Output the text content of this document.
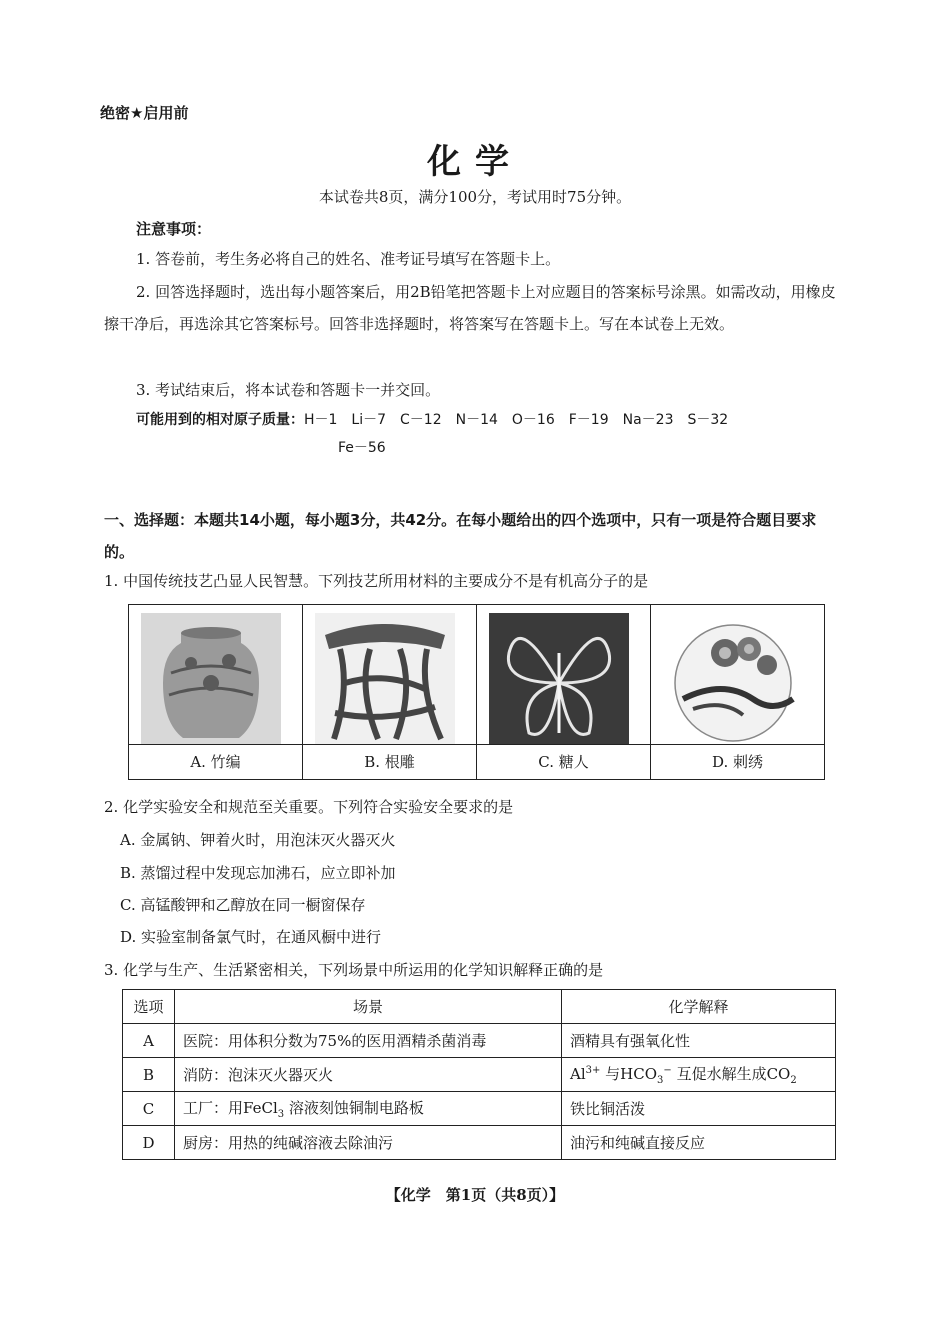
绝密★启用前
化学
本试卷共8页，满分100分，考试用时75分钟。
注意事项：
1. 答卷前，考生务必将自己的姓名、准考证号填写在答题卡上。
2. 回答选择题时，选出每小题答案后，用2B铅笔把答题卡上对应题目的答案标号涂黑。如需改动，用橡皮擦干净后，再选涂其它答案标号。回答非选择题时，将答案写在答题卡上。写在本试卷上无效。
3. 考试结束后，将本试卷和答题卡一并交回。
可能用到的相对原子质量：H－1　Li－7　C－12　N－14　O－16　F－19　Na－23　S－32
Fe－56
一、选择题：本题共14小题，每小题3分，共42分。在每小题给出的四个选项中，只有一项是符合题目要求的。
1. 中国传统技艺凸显人民智慧。下列技艺所用材料的主要成分不是有机高分子的是
A. 竹编	B. 根雕	C. 糖人	D. 刺绣
2. 化学实验安全和规范至关重要。下列符合实验安全要求的是
A. 金属钠、钾着火时，用泡沫灭火器灭火
B. 蒸馏过程中发现忘加沸石，应立即补加
C. 高锰酸钾和乙醇放在同一橱窗保存
D. 实验室制备氯气时，在通风橱中进行
3. 化学与生产、生活紧密相关，下列场景中所运用的化学知识解释正确的是
选项	场景	化学解释
A	医院：用体积分数为75%的医用酒精杀菌消毒	酒精具有强氧化性
B	消防：泡沫灭火器灭火	$Al^{3+}$ 与$HCO_3^-$ 互促水解生成$CO_2$
C	工厂：用FeCl$_3$ 溶液刻蚀铜制电路板	铁比铜活泼
D	厨房：用热的纯碱溶液去除油污	油污和纯碱直接反应
【化学　第1页（共8页）】
